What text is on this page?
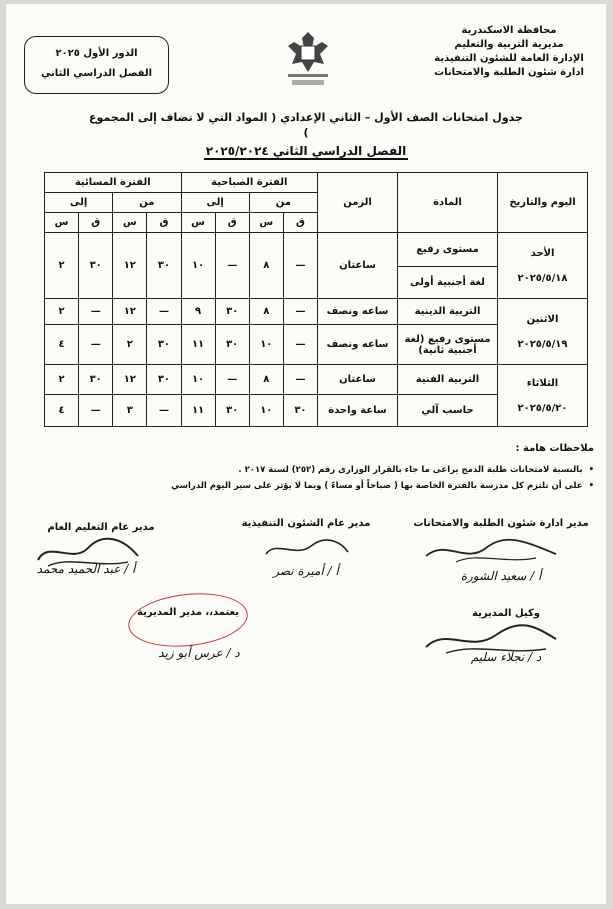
محافظة الاسكندرية
مديرية التربية والتعليم
الإدارة العامة للشئون التنفيذية
ادارة شئون الطلبة والامتحانات
الدور الأول ٢٠٢٥
الفصل الدراسي الثاني
جدول امتحانات الصف الأول – الثاني الإعدادي ( المواد التي لا تضاف إلى المجموع )
الفصل الدراسي الثاني ٢٠٢٥/٢٠٢٤
اليوم والتاريخ	المادة	الزمن	الفترة الصباحية				الفترة المسائية			
			من		إلى		من		إلى	
			ق	س	ق	س	ق	س	ق	س

الأحد
٢٠٢٥/٥/١٨	مستوى رفيع	ساعتان	—	٨	—	١٠	٣٠	١٢	٣٠	٢
	لغة أجنبية أولى									

الاثنين
٢٠٢٥/٥/١٩	التربية الدينية	ساعه ونصف	—	٨	٣٠	٩	—	١٢	—	٢
	مستوى رفيع (لغة أجنبية ثانية)	ساعه ونصف	—	١٠	٣٠	١١	٣٠	٢	—	٤

الثلاثاء
٢٠٢٥/٥/٢٠	التربية الفنية	ساعتان	—	٨	—	١٠	٣٠	١٢	٣٠	٢
	حاسب آلي	ساعة واحدة	٣٠	١٠	٣٠	١١	—	٣	—	٤
ملاحظات هامة :
• بالنسبة لامتحانات طلبة الدمج يراعى ما جاء بالقرار الوزارى رقم (٢٥٢) لسنة ٢٠١٧ .
• على أن تلتزم كل مدرسة بالفترة الخاصة بها ( صباحاً أو مساءً ) وبما لا يؤثر على سير اليوم الدراسي
مدير ادارة شئون الطلبة والامتحانات
أ / سعيد الشورة
مدير عام الشئون التنفيذية
أ / أميرة نصر
مدير عام التعليم العام
أ / عبد الحميد محمد
وكيل المديرية
د / نجلاء سليم
يعتمد،، مدير المديرية
د / عرس أبو زيد
